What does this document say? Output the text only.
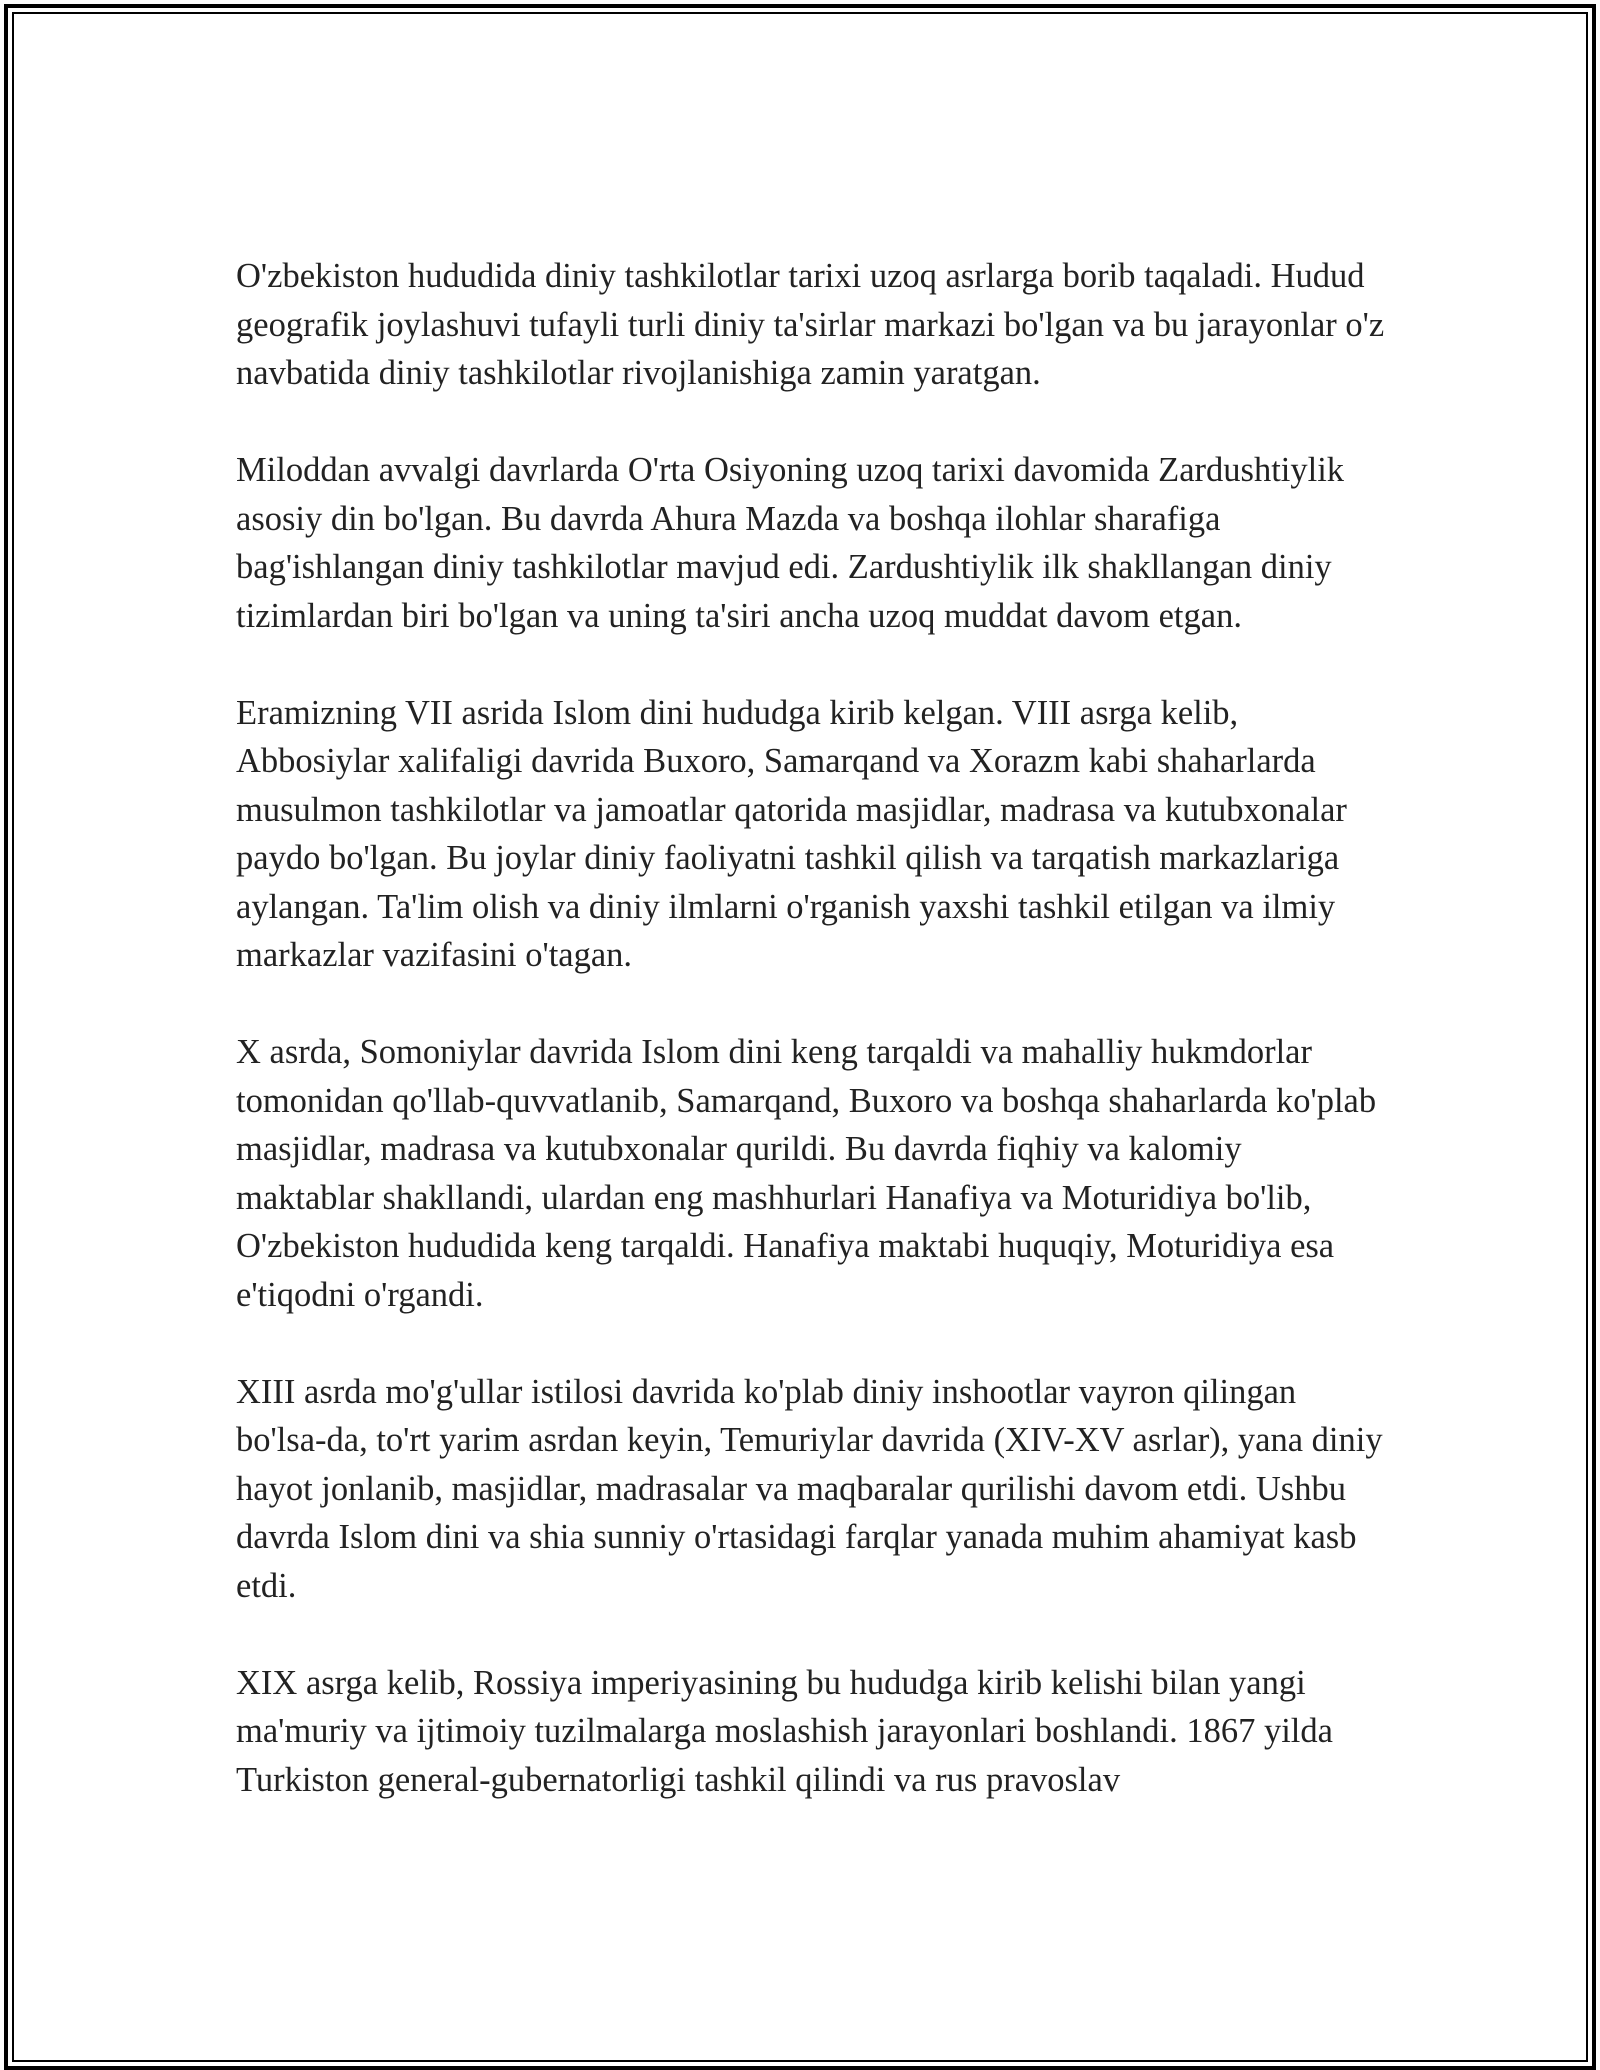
O'zbekiston hududida diniy tashkilotlar tarixi uzoq asrlarga borib taqaladi. Hudud geografik joylashuvi tufayli turli diniy ta'sirlar markazi bo'lgan va bu jarayonlar o'z navbatida diniy tashkilotlar rivojlanishiga zamin yaratgan.

Miloddan avvalgi davrlarda O'rta Osiyoning uzoq tarixi davomida Zardushtiylik asosiy din bo'lgan. Bu davrda Ahura Mazda va boshqa ilohlar sharafiga bag'ishlangan diniy tashkilotlar mavjud edi. Zardushtiylik ilk shakllangan diniy tizimlardan biri bo'lgan va uning ta'siri ancha uzoq muddat davom etgan.

Eramizning VII asrida Islom dini hududga kirib kelgan. VIII asrga kelib, Abbosiylar xalifaligi davrida Buxoro, Samarqand va Xorazm kabi shaharlarda musulmon tashkilotlar va jamoatlar qatorida masjidlar, madrasa va kutubxonalar paydo bo'lgan. Bu joylar diniy faoliyatni tashkil qilish va tarqatish markazlariga aylangan. Ta'lim olish va diniy ilmlarni o'rganish yaxshi tashkil etilgan va ilmiy markazlar vazifasini o'tagan.

X asrda, Somoniylar davrida Islom dini keng tarqaldi va mahalliy hukmdorlar tomonidan qo'llab-quvvatlanib, Samarqand, Buxoro va boshqa shaharlarda ko'plab masjidlar, madrasa va kutubxonalar qurildi. Bu davrda fiqhiy va kalomiy maktablar shakllandi, ulardan eng mashhurlari Hanafiya va Moturidiya bo'lib, O'zbekiston hududida keng tarqaldi. Hanafiya maktabi huquqiy, Moturidiya esa e'tiqodni o'rgandi.

XIII asrda mo'g'ullar istilosi davrida ko'plab diniy inshootlar vayron qilingan bo'lsa-da, to'rt yarim asrdan keyin, Temuriylar davrida (XIV-XV asrlar), yana diniy hayot jonlanib, masjidlar, madrasalar va maqbaralar qurilishi davom etdi. Ushbu davrda Islom dini va shia sunniy o'rtasidagi farqlar yanada muhim ahamiyat kasb etdi.

XIX asrga kelib, Rossiya imperiyasining bu hududga kirib kelishi bilan yangi ma'muriy va ijtimoiy tuzilmalarga moslashish jarayonlari boshlandi. 1867 yilda Turkiston general-gubernatorligi tashkil qilindi va rus pravoslav
